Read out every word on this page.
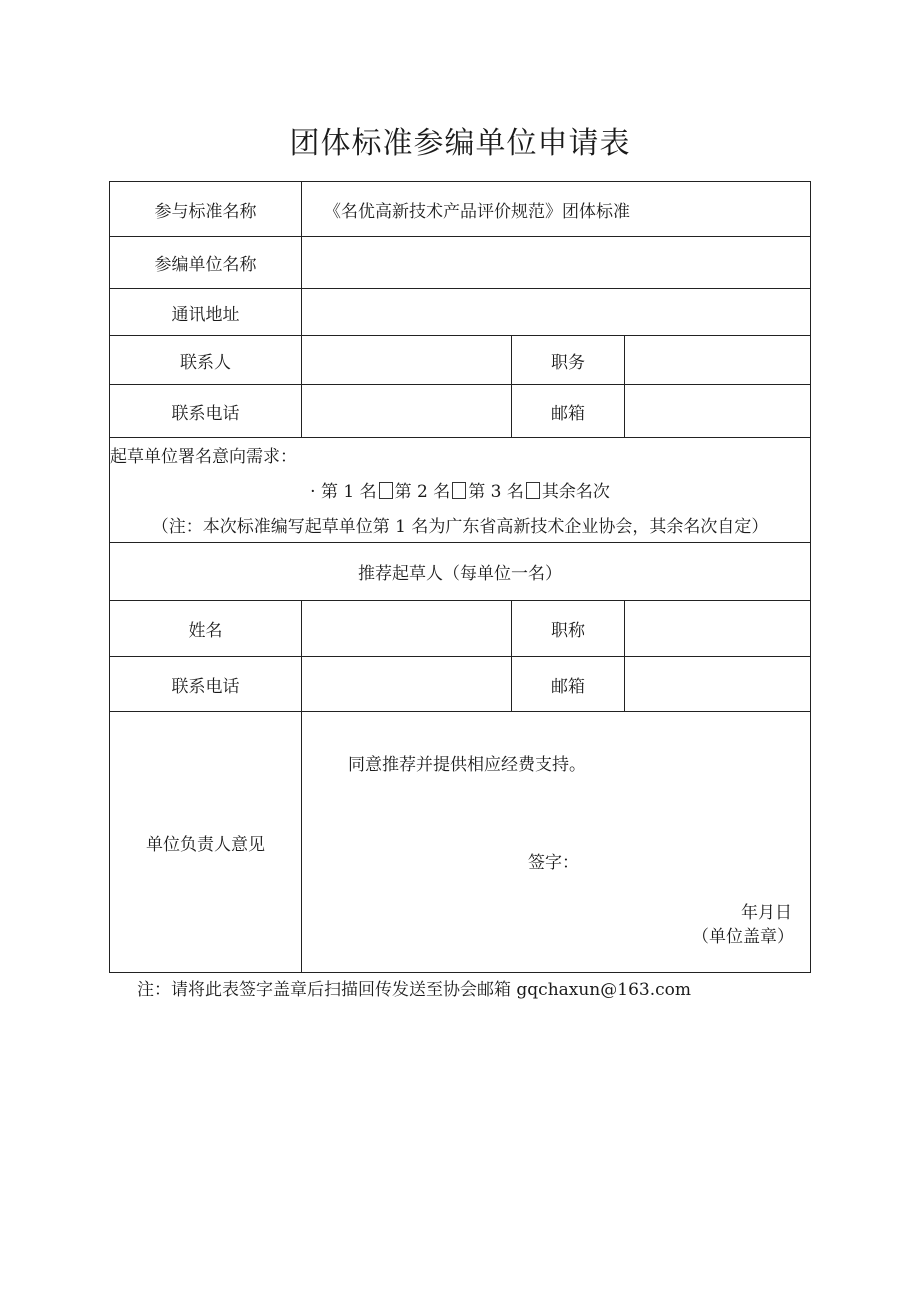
团体标准参编单位申请表
参与标准名称	《名优高新技术产品评价规范》团体标准		
参编单位名称			
通讯地址			
联系人		职务	
联系电话		邮箱	

起草单位署名意向需求：
· 第 1 名 第 2 名 第 3 名 其余名次
（注：本次标准编写起草单位第 1 名为广东省高新技术企业协会，其余名次自定）			

推荐起草人（每单位一名）			
姓名		职称	
联系电话		邮箱	
单位负责人意见	同意推荐并提供相应经费支持。
签字：
年月日
（单位盖章）		
注：请将此表签字盖章后扫描回传发送至协会邮箱 gqchaxun@163.com
